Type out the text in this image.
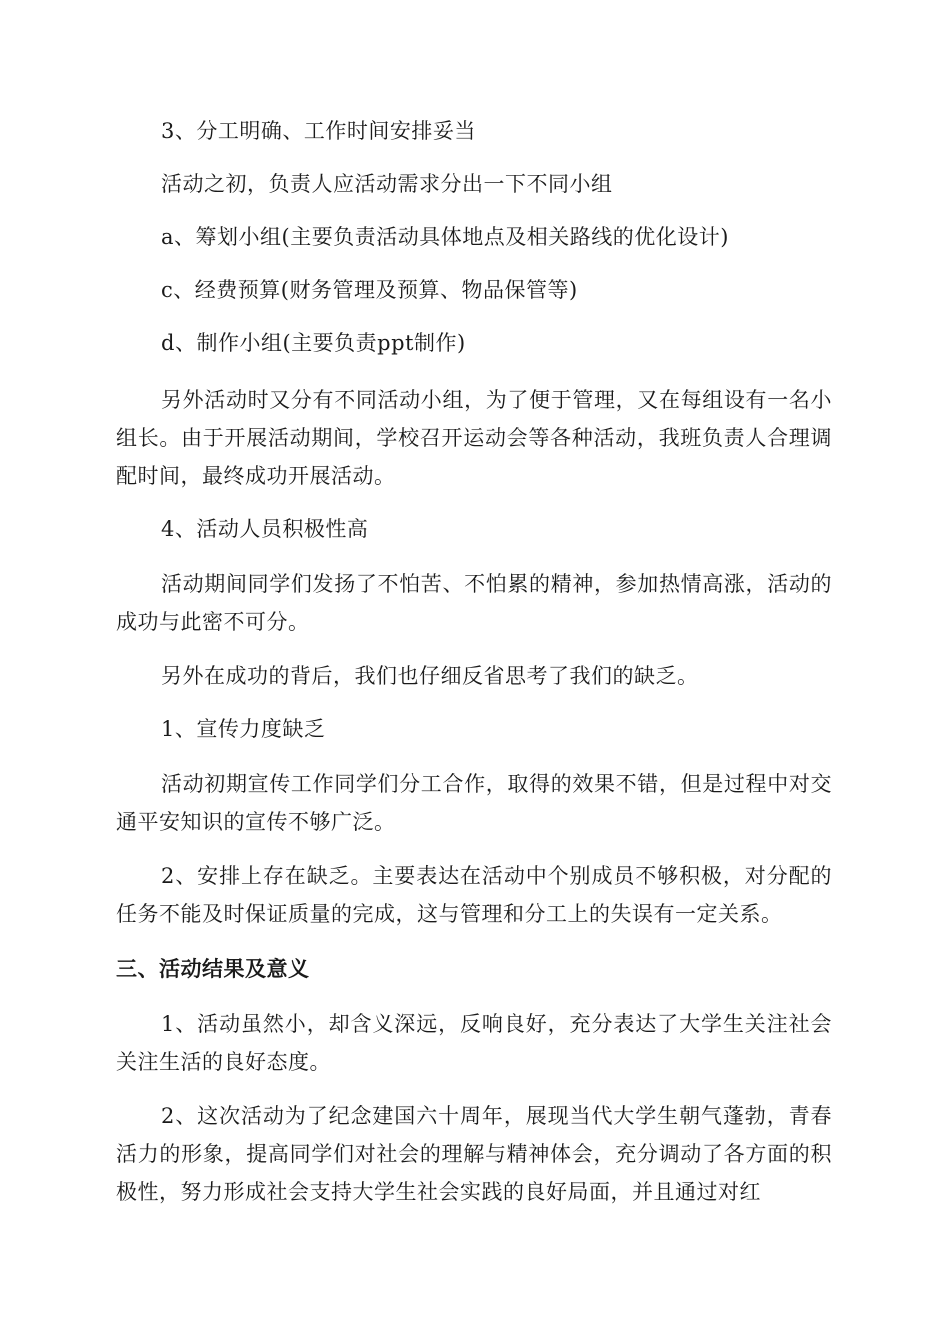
3、分工明确、工作时间安排妥当

活动之初，负责人应活动需求分出一下不同小组

a、筹划小组(主要负责活动具体地点及相关路线的优化设计)

c、经费预算(财务管理及预算、物品保管等)

d、制作小组(主要负责ppt制作)

另外活动时又分有不同活动小组，为了便于管理，又在每组设有一名小组长。由于开展活动期间，学校召开运动会等各种活动，我班负责人合理调配时间，最终成功开展活动。

4、活动人员积极性高

活动期间同学们发扬了不怕苦、不怕累的精神，参加热情高涨，活动的成功与此密不可分。

另外在成功的背后，我们也仔细反省思考了我们的缺乏。

1、宣传力度缺乏

活动初期宣传工作同学们分工合作，取得的效果不错，但是过程中对交通平安知识的宣传不够广泛。

2、安排上存在缺乏。主要表达在活动中个别成员不够积极，对分配的任务不能及时保证质量的完成，这与管理和分工上的失误有一定关系。

三、活动结果及意义

1、活动虽然小，却含义深远，反响良好，充分表达了大学生关注社会关注生活的良好态度。

2、这次活动为了纪念建国六十周年，展现当代大学生朝气蓬勃，青春活力的形象，提高同学们对社会的理解与精神体会，充分调动了各方面的积极性，努力形成社会支持大学生社会实践的良好局面，并且通过对红
